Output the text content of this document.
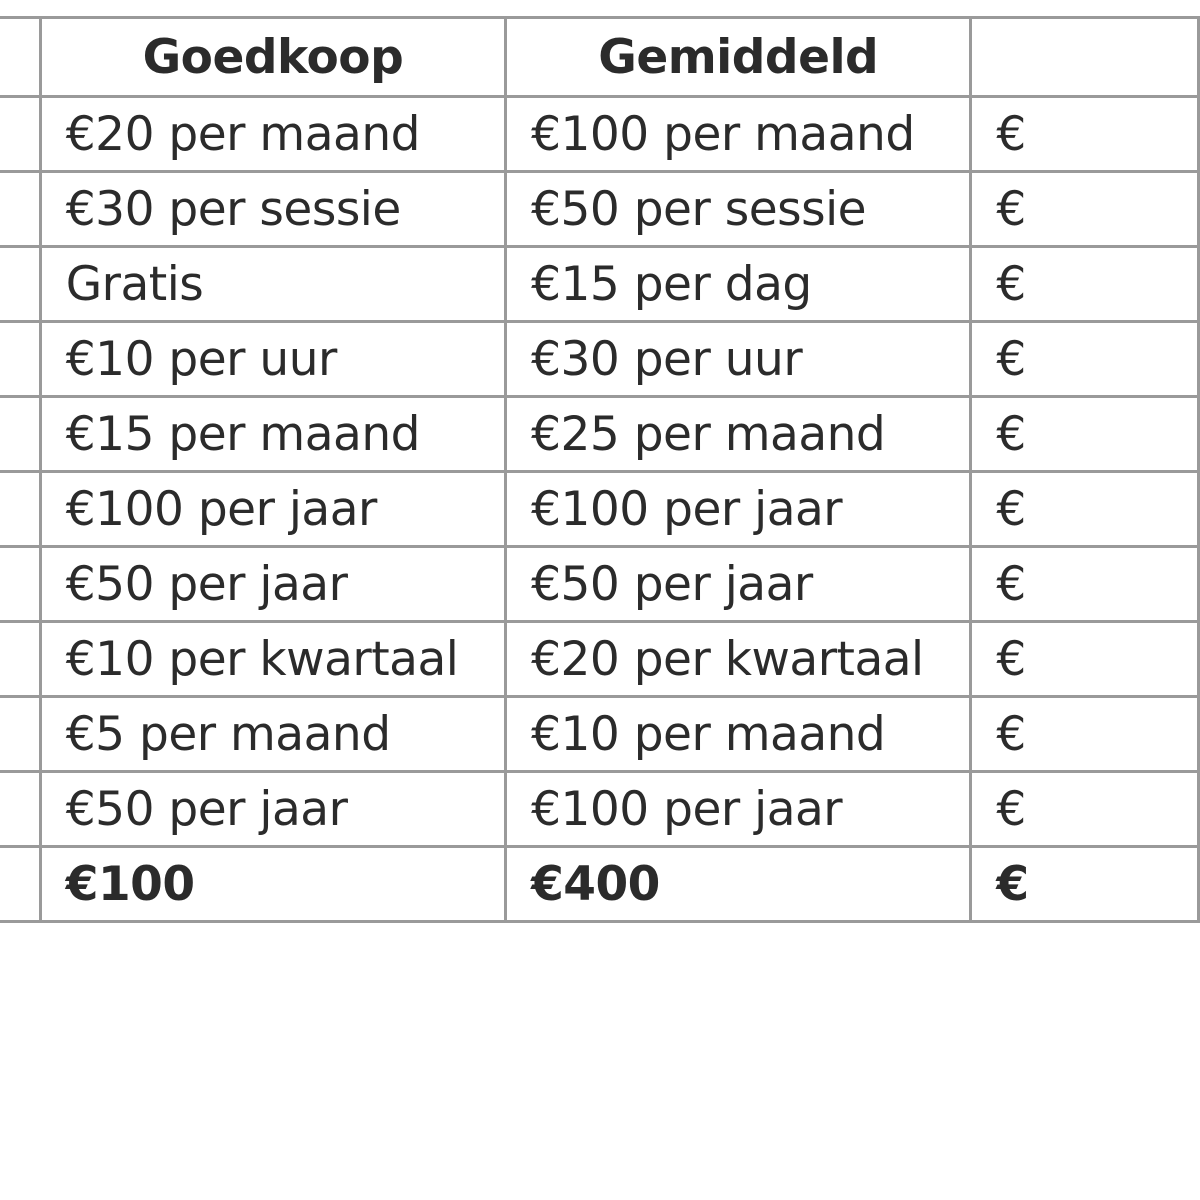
	Goedkoop	Gemiddeld	
	€20 per maand	€100 per maand	€
	€30 per sessie	€50 per sessie	€
	Gratis	€15 per dag	€
	€10 per uur	€30 per uur	€
	€15 per maand	€25 per maand	€
	€100 per jaar	€100 per jaar	€
	€50 per jaar	€50 per jaar	€
	€10 per kwartaal	€20 per kwartaal	€
	€5 per maand	€10 per maand	€
	€50 per jaar	€100 per jaar	€
	€100	€400	€
